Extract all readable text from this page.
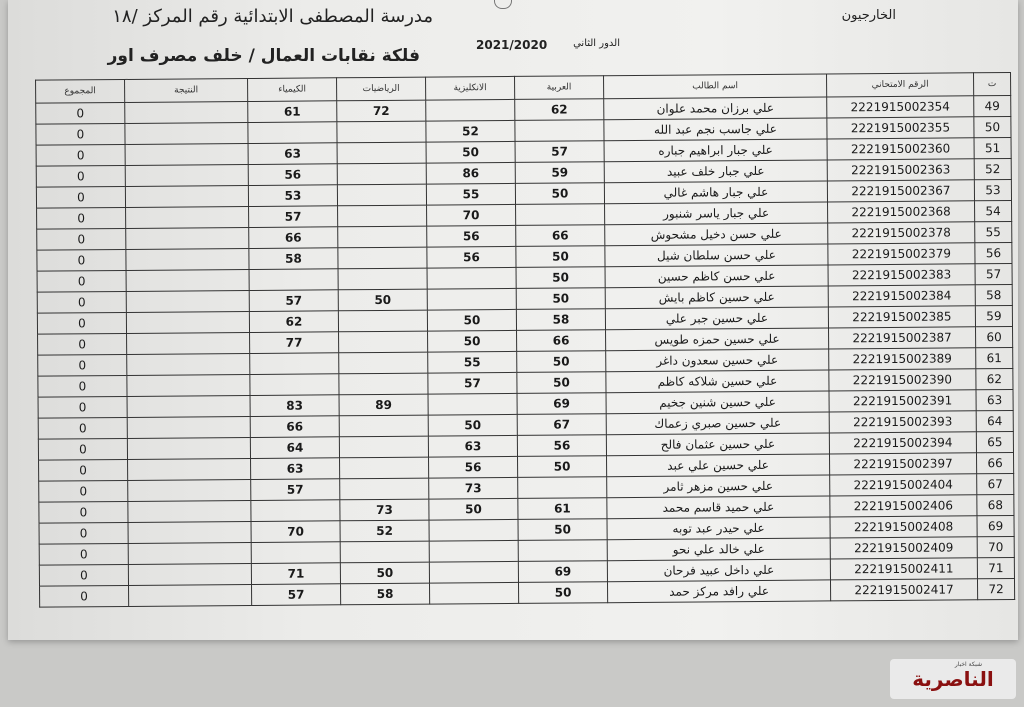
مدرسة المصطفى الابتدائية رقم المركز /١٨
فلكة نقابات العمال / خلف مصرف اور
الخارجيون
الدور الثاني
2021/2020
ت	الرقم الامتحاني	اسم الطالب	العربية	الانكليزية	الرياضيات	الكيمياء	النتيجة	المجموع
49	2221915002354	علي برزان محمد علوان	62		72	61		0
50	2221915002355	علي جاسب نجم عبد الله		52				0
51	2221915002360	علي جبار ابراهيم جباره	57	50		63		0
52	2221915002363	علي جبار خلف عبيد	59	86		56		0
53	2221915002367	علي جبار هاشم غالي	50	55		53		0
54	2221915002368	علي جبار ياسر شنبور		70		57		0
55	2221915002378	علي حسن دخيل مشحوش	66	56		66		0
56	2221915002379	علي حسن سلطان شيل	50	56		58		0
57	2221915002383	علي حسن كاظم حسين	50					0
58	2221915002384	علي حسين كاظم بايش	50		50	57		0
59	2221915002385	علي حسين جبر علي	58	50		62		0
60	2221915002387	علي حسين حمزه طويس	66	50		77		0
61	2221915002389	علي حسين سعدون داغر	50	55				0
62	2221915002390	علي حسين شلاكه كاظم	50	57				0
63	2221915002391	علي حسين شنين جخيم	69		89	83		0
64	2221915002393	علي حسين صبري زعماك	67	50		66		0
65	2221915002394	علي حسين عثمان فالح	56	63		64		0
66	2221915002397	علي حسين علي عبد	50	56		63		0
67	2221915002404	علي حسين مزهر ثامر		73		57		0
68	2221915002406	علي حميد قاسم محمد	61	50	73			0
69	2221915002408	علي حيدر عبد توبه	50		52	70		0
70	2221915002409	علي خالد علي نحو						0
71	2221915002411	علي داخل عبيد فرحان	69		50	71		0
72	2221915002417	علي رافد مركز حمد	50		58	57		0
شبكة اخبار
الناصرية
